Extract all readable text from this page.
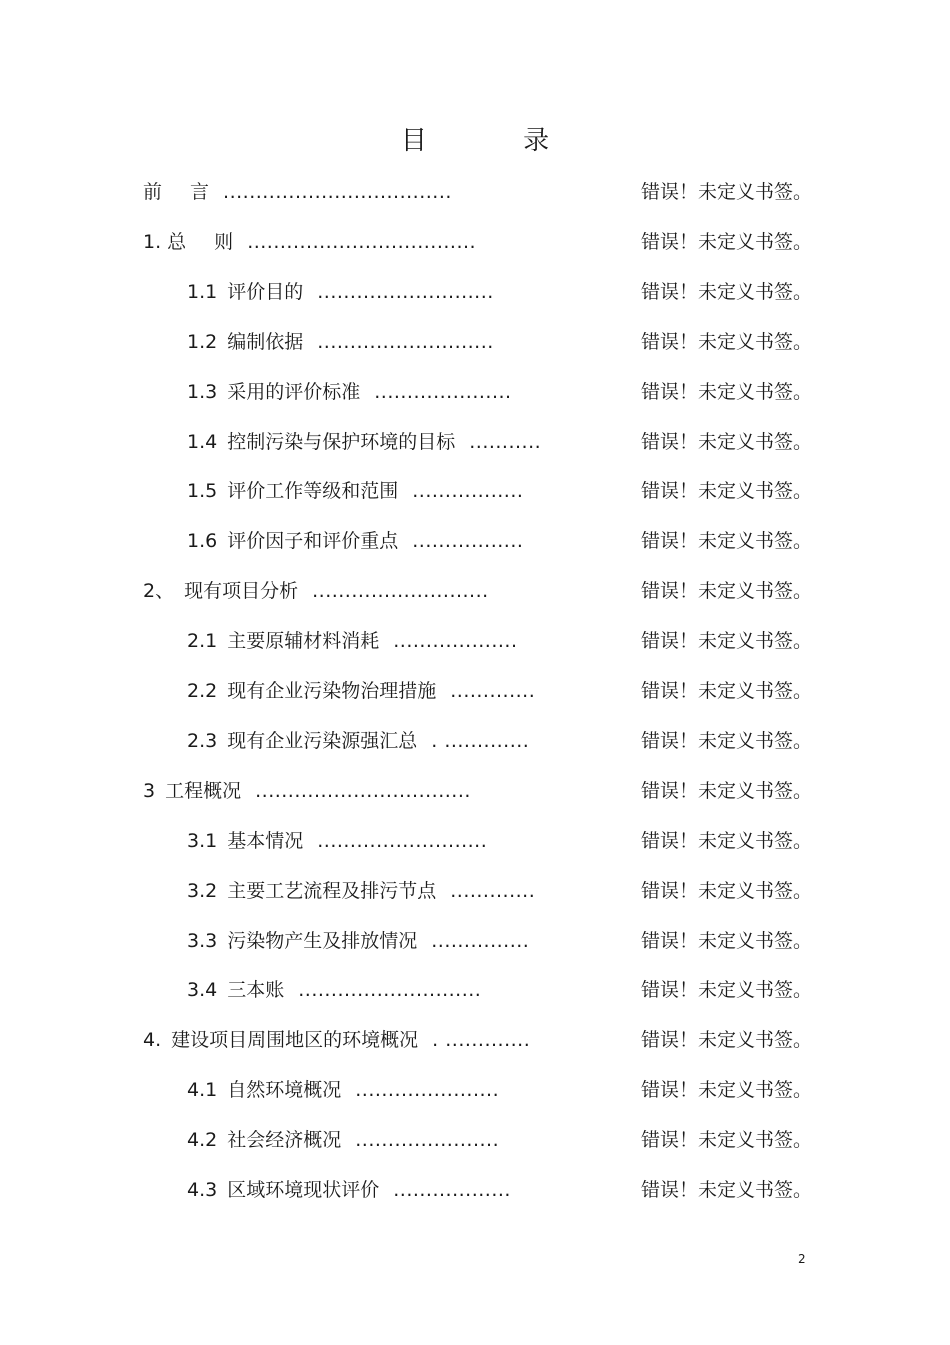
目 录
前 言 ...................................	错误！未定义书签。
1. 总 则 ...................................	错误！未定义书签。
1.1 评价目的 ...........................	错误！未定义书签。
1.2 编制依据 ...........................	错误！未定义书签。
1.3 采用的评价标准 .....................	错误！未定义书签。
1.4 控制污染与保护环境的目标 ...........	错误！未定义书签。
1.5 评价工作等级和范围 .................	错误！未定义书签。
1.6 评价因子和评价重点 .................	错误！未定义书签。
2、 现有项目分析 ...........................	错误！未定义书签。
2.1 主要原辅材料消耗 ...................	错误！未定义书签。
2.2 现有企业污染物治理措施 .............	错误！未定义书签。
2.3 现有企业污染源强汇总 . .............	错误！未定义书签。
3 工程概况 .................................	错误！未定义书签。
3.1 基本情况 ..........................	错误！未定义书签。
3.2 主要工艺流程及排污节点 .............	错误！未定义书签。
3.3 污染物产生及排放情况 ...............	错误！未定义书签。
3.4 三本账 ............................	错误！未定义书签。
4. 建设项目周围地区的环境概况 . .............	错误！未定义书签。
4.1 自然环境概况 ......................	错误！未定义书签。
4.2 社会经济概况 ......................	错误！未定义书签。
4.3 区域环境现状评价 ..................	错误！未定义书签。
2
